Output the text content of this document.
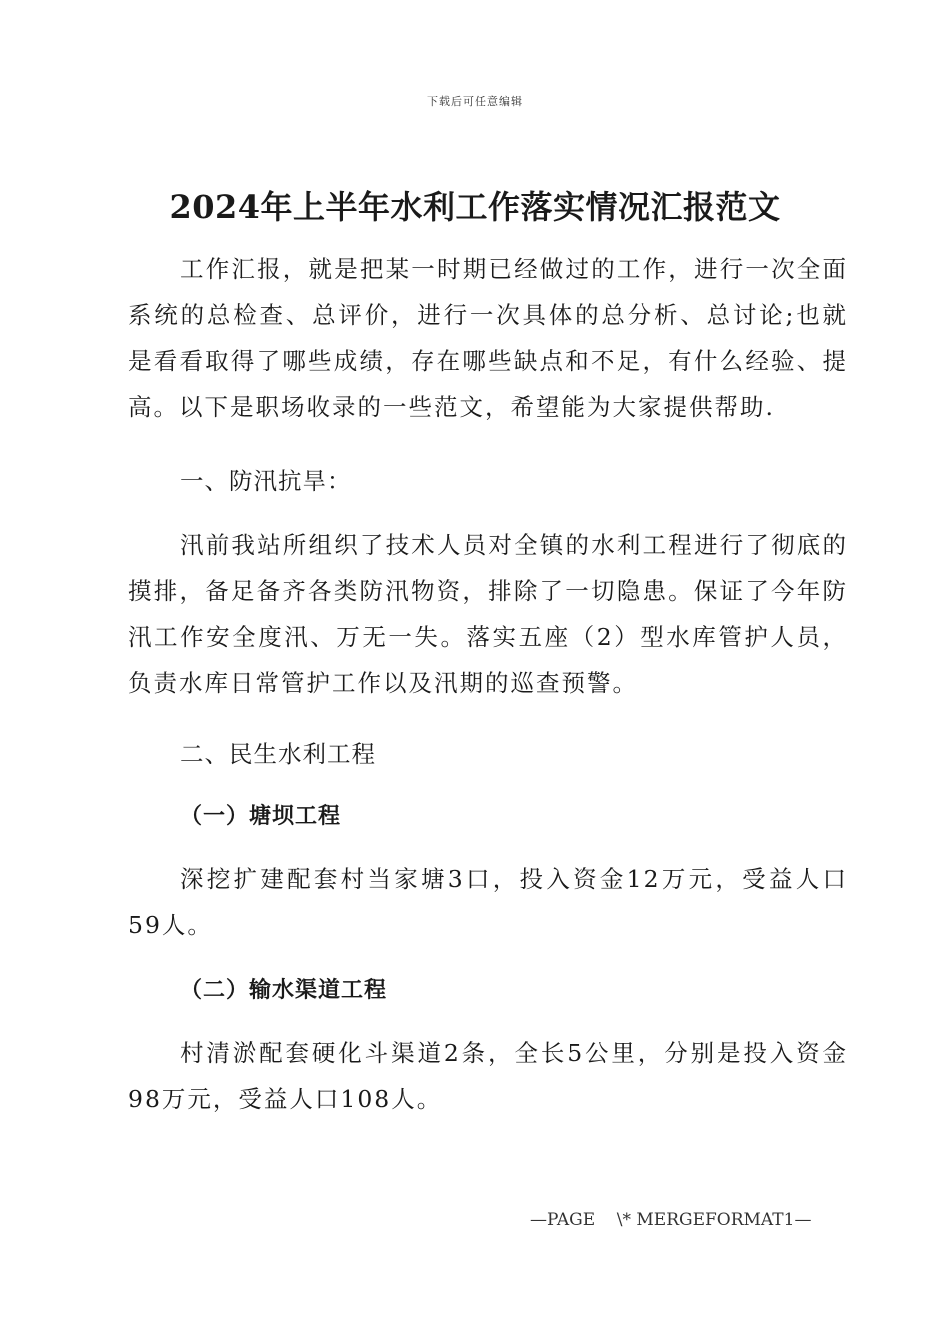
下载后可任意编辑
2024年上半年水利工作落实情况汇报范文
工作汇报，就是把某一时期已经做过的工作，进行一次全面系统的总检查、总评价，进行一次具体的总分析、总讨论;也就是看看取得了哪些成绩，存在哪些缺点和不足，有什么经验、提高。以下是职场收录的一些范文，希望能为大家提供帮助.
一、防汛抗旱：
汛前我站所组织了技术人员对全镇的水利工程进行了彻底的摸排，备足备齐各类防汛物资，排除了一切隐患。保证了今年防汛工作安全度汛、万无一失。落实五座（2）型水库管护人员，负责水库日常管护工作以及汛期的巡查预警。
二、民生水利工程
（一）塘坝工程
深挖扩建配套村当家塘3口，投入资金12万元，受益人口59人。
（二）输水渠道工程
村清淤配套硬化斗渠道2条，全长5公里，分别是投入资金98万元，受益人口108人。
—PAGE    \* MERGEFORMAT1—
